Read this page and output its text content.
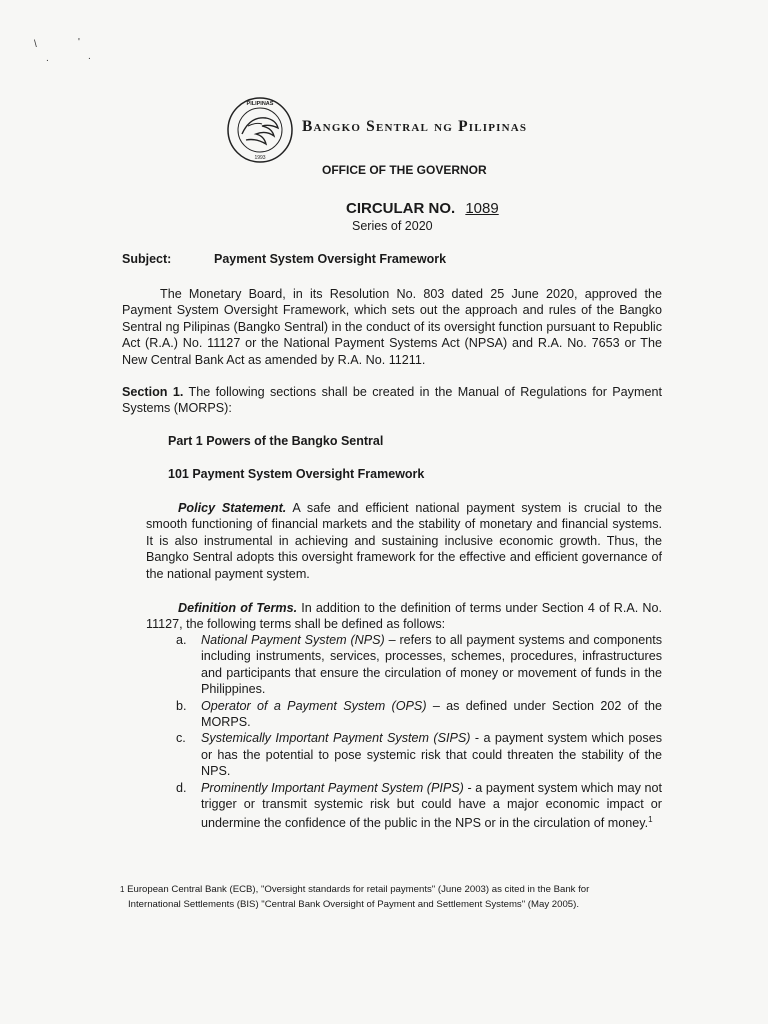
\
.
'
.
PILIPINAS
1993
Bangko Sentral ng Pilipinas
OFFICE OF THE GOVERNOR
CIRCULAR NO. 1089
Series of 2020
Subject:	Payment System Oversight Framework
The Monetary Board, in its Resolution No. 803 dated 25 June 2020, approved the Payment System Oversight Framework, which sets out the approach and rules of the Bangko Sentral ng Pilipinas (Bangko Sentral) in the conduct of its oversight function pursuant to Republic Act (R.A.) No. 11127 or the National Payment Systems Act (NPSA) and R.A. No. 7653 or The New Central Bank Act as amended by R.A. No. 11211.
Section 1. The following sections shall be created in the Manual of Regulations for Payment Systems (MORPS):
Part 1 Powers of the Bangko Sentral
101 Payment System Oversight Framework
Policy Statement. A safe and efficient national payment system is crucial to the smooth functioning of financial markets and the stability of monetary and financial systems. It is also instrumental in achieving and sustaining inclusive economic growth. Thus, the Bangko Sentral adopts this oversight framework for the effective and efficient governance of the national payment system.
Definition of Terms. In addition to the definition of terms under Section 4 of R.A. No. 11127, the following terms shall be defined as follows:
a. National Payment System (NPS) – refers to all payment systems and components including instruments, services, processes, schemes, procedures, infrastructures and participants that ensure the circulation of money or movement of funds in the Philippines.
b. Operator of a Payment System (OPS) – as defined under Section 202 of the MORPS.
c. Systemically Important Payment System (SIPS) - a payment system which poses or has the potential to pose systemic risk that could threaten the stability of the NPS.
d. Prominently Important Payment System (PIPS) - a payment system which may not trigger or transmit systemic risk but could have a major economic impact or undermine the confidence of the public in the NPS or in the circulation of money.$^1$
1 European Central Bank (ECB), "Oversight standards for retail payments" (June 2003) as cited in the Bank for
International Settlements (BIS) "Central Bank Oversight of Payment and Settlement Systems" (May 2005).
